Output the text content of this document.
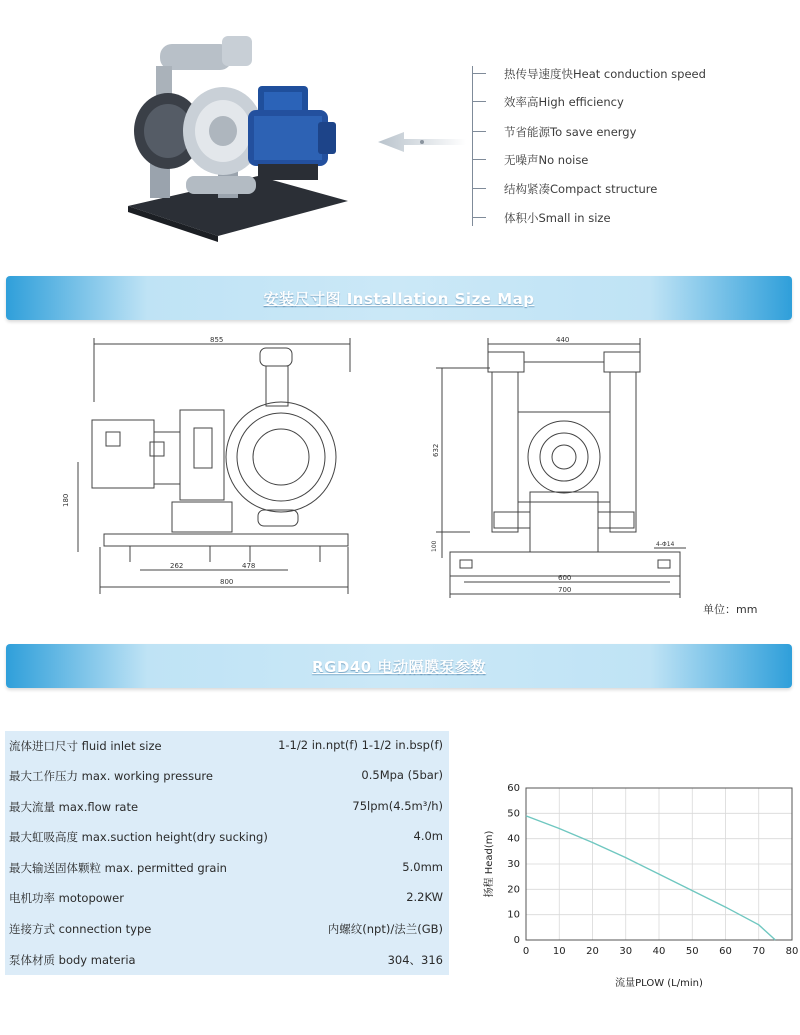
热传导速度快Heat conduction speed
效率高High efficiency
节省能源To save energy
无噪声No noise
结构紧凑Compact structure
体积小Small in size
安装尺寸图 Installation Size Map
855
180
262	478
800
440
632
100	4-Φ14
600
700
单位：mm
RGD40 电动隔膜泵参数
流体进口尺寸 fluid inlet size	1-1/2 in.npt(f) 1-1/2 in.bsp(f)
最大工作压力 max. working pressure	0.5Mpa (5bar)
最大流量 max.flow rate	75lpm(4.5m³/h)
最大虹吸高度 max.suction height(dry sucking)	4.0m
最大输送固体颗粒 max. permitted grain	5.0mm
电机功率 motopower	2.2KW
连接方式 connection type	内螺纹(npt)/法兰(GB)
泵体材质 body materia	304、316
0 10 20 30 40 50 60 70 80
0
10
20
30
40
50
60
流量PLOW (L/min)
扬程 Head(m)
